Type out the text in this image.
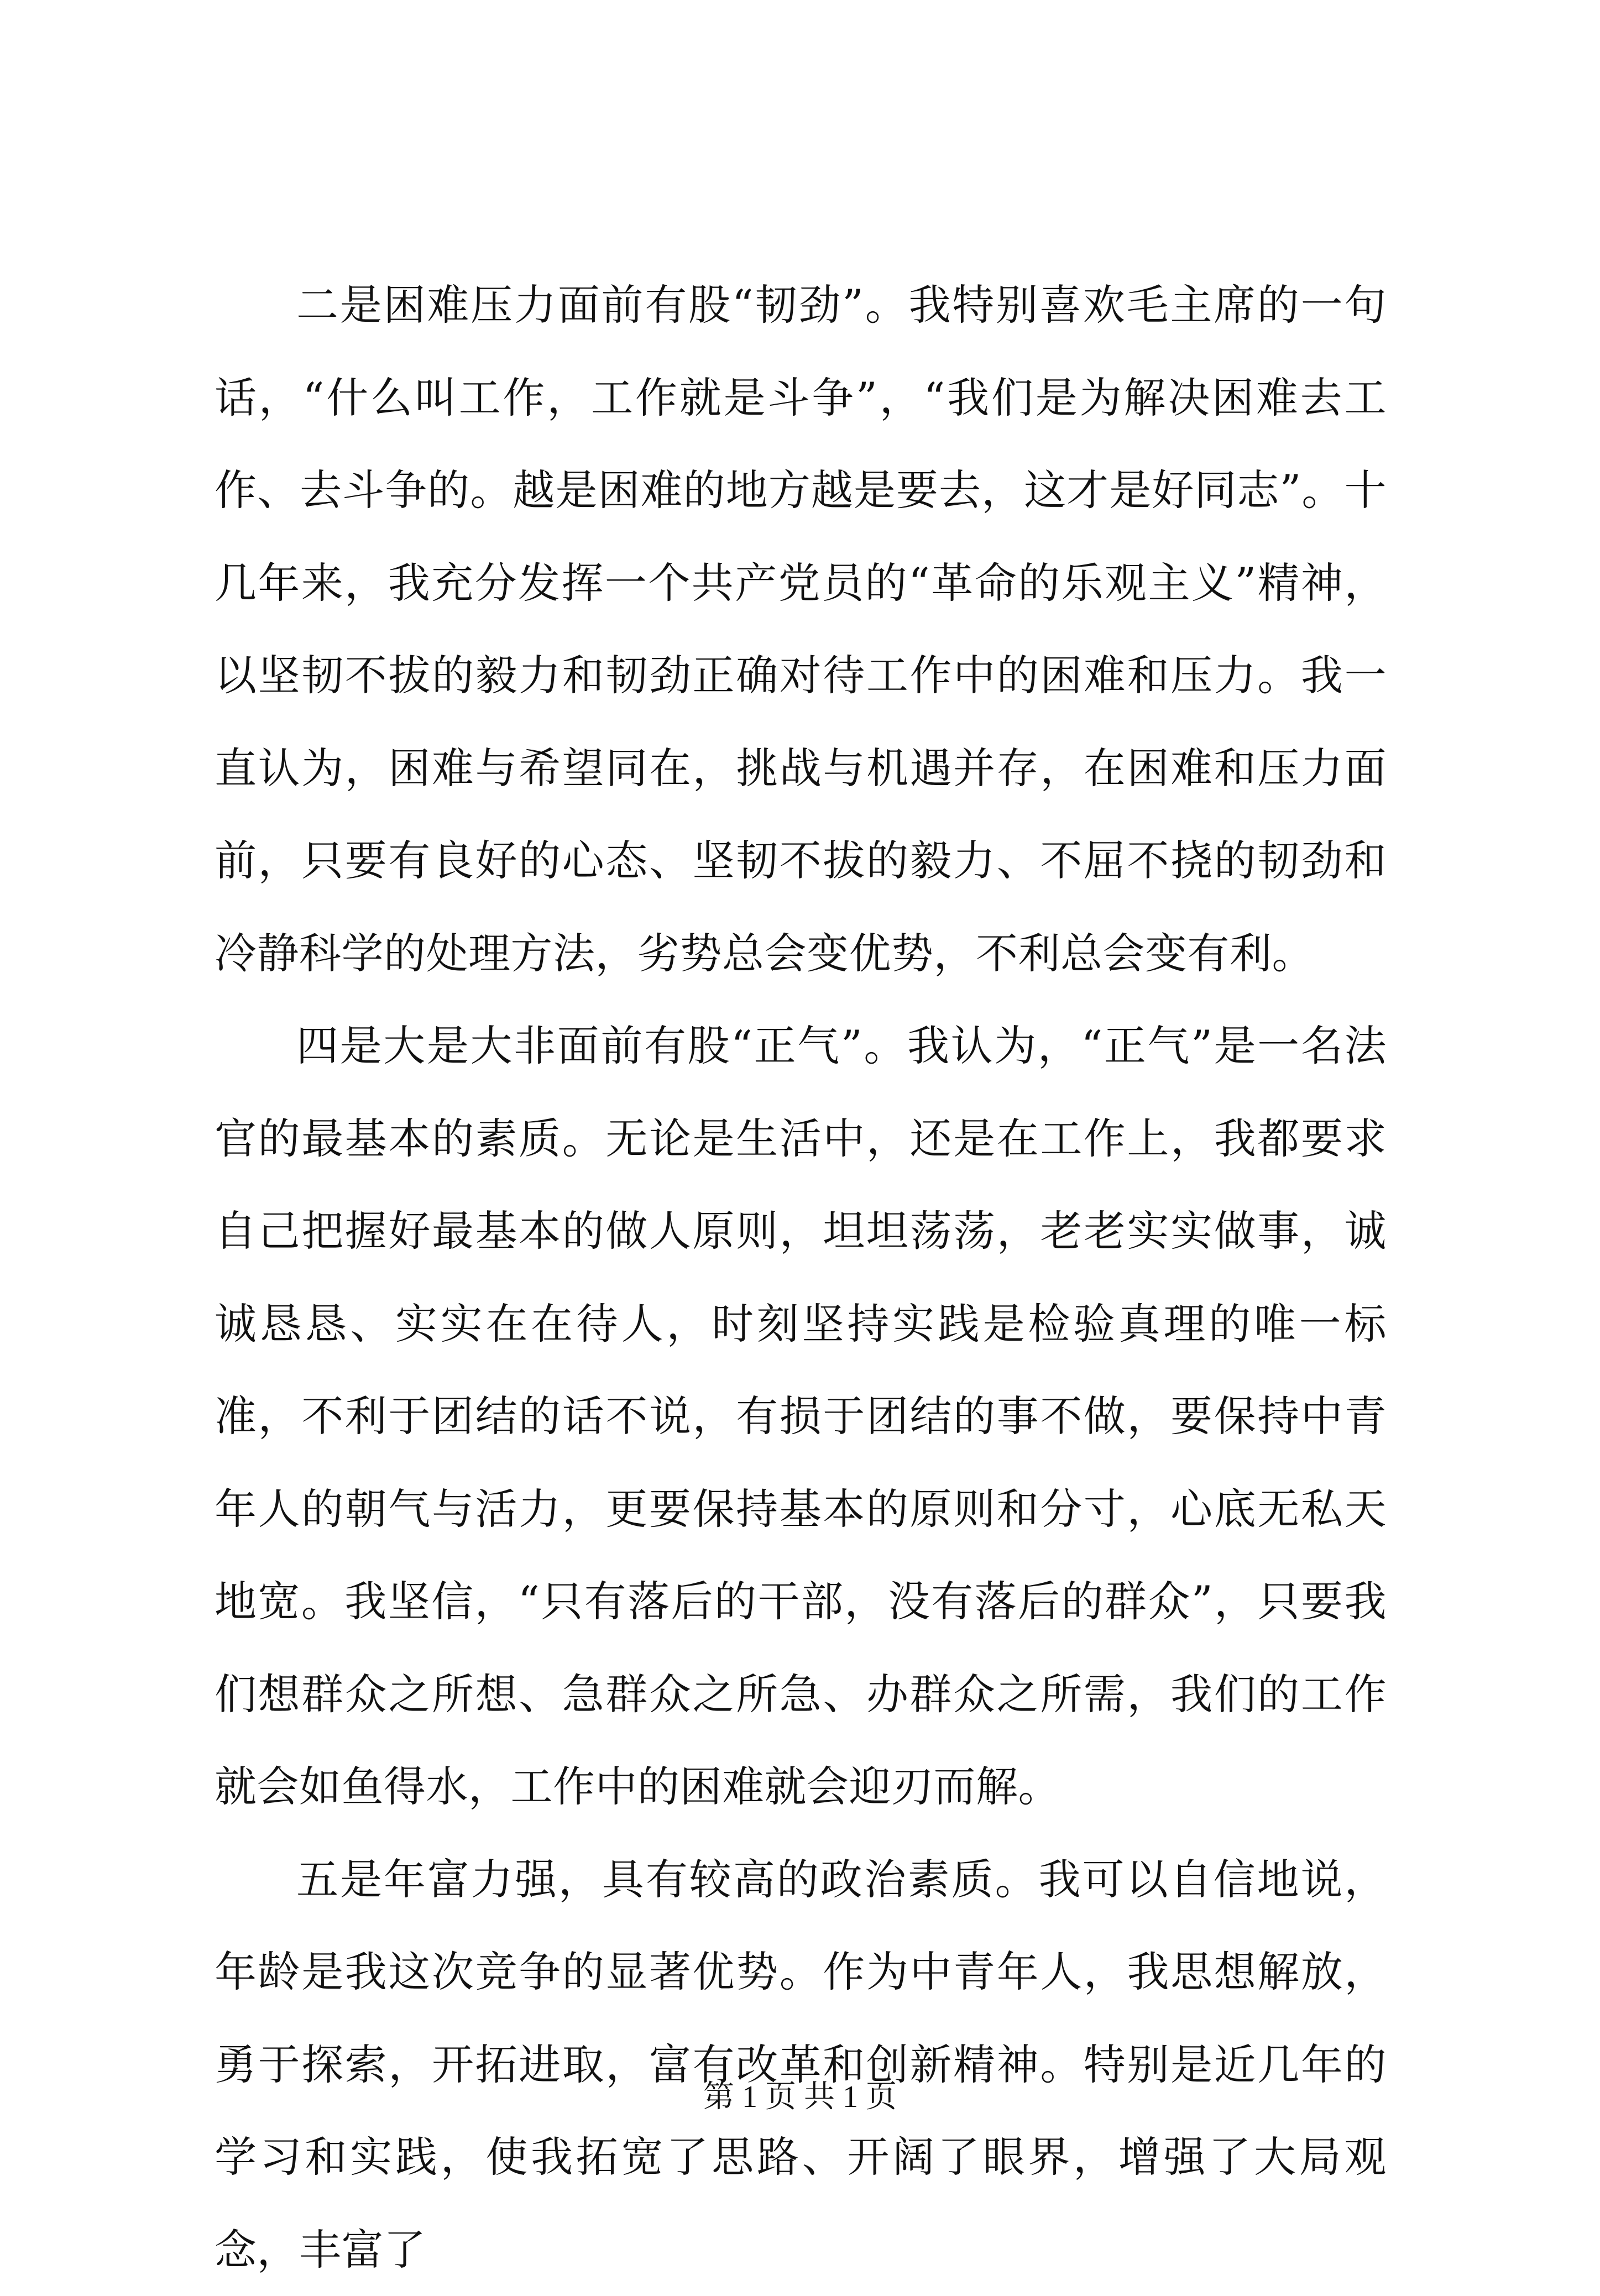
二是困难压力面前有股“韧劲”。我特别喜欢毛主席的一句话，“什么叫工作，工作就是斗争”，“我们是为解决困难去工作、去斗争的。越是困难的地方越是要去，这才是好同志”。十几年来，我充分发挥一个共产党员的“革命的乐观主义”精神，以坚韧不拔的毅力和韧劲正确对待工作中的困难和压力。我一直认为，困难与希望同在，挑战与机遇并存，在困难和压力面前，只要有良好的心态、坚韧不拔的毅力、不屈不挠的韧劲和冷静科学的处理方法，劣势总会变优势，不利总会变有利。

四是大是大非面前有股“正气”。我认为，“正气”是一名法官的最基本的素质。无论是生活中，还是在工作上，我都要求自己把握好最基本的做人原则，坦坦荡荡，老老实实做事，诚诚恳恳、实实在在待人，时刻坚持实践是检验真理的唯一标准，不利于团结的话不说，有损于团结的事不做，要保持中青年人的朝气与活力，更要保持基本的原则和分寸，心底无私天地宽。我坚信，“只有落后的干部，没有落后的群众”，只要我们想群众之所想、急群众之所急、办群众之所需，我们的工作就会如鱼得水，工作中的困难就会迎刃而解。

五是年富力强，具有较高的政治素质。我可以自信地说，年龄是我这次竞争的显著优势。作为中青年人，我思想解放，勇于探索，开拓进取，富有改革和创新精神。特别是近几年的学习和实践，使我拓宽了思路、开阔了眼界，增强了大局观念，丰富了

第 1 页 共 1 页
